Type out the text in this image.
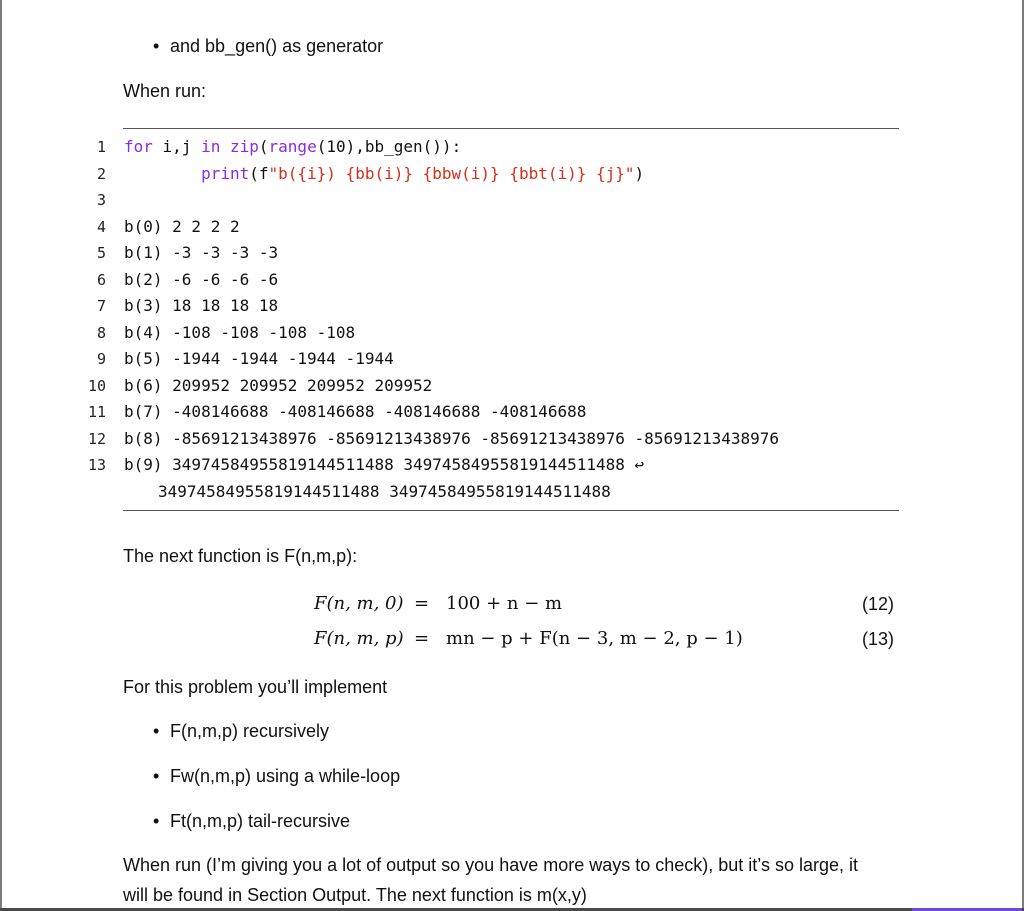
• and bb_gen() as generator
When run:
1
2
3
4
5
6
7
8
9
10
11
12
13
for i,j in zip(range(10),bb_gen()):
print(f"b({i}) {bb(i)} {bbw(i)} {bbt(i)} {j}")
b(0) 2 2 2 2
b(1) -3 -3 -3 -3
b(2) -6 -6 -6 -6
b(3) 18 18 18 18
b(4) -108 -108 -108 -108
b(5) -1944 -1944 -1944 -1944
b(6) 209952 209952 209952 209952
b(7) -408146688 -408146688 -408146688 -408146688
b(8) -85691213438976 -85691213438976 -85691213438976 -85691213438976
b(9) 34974584955819144511488 34974584955819144511488 ↩
34974584955819144511488 34974584955819144511488
The next function is F(n,m,p):
F(n, m, 0) = 100 + n − m	(12)
F(n, m, p) = mn − p + F(n − 3, m − 2, p − 1)	(13)
For this problem you’ll implement
• F(n,m,p) recursively
• Fw(n,m,p) using a while-loop
• Ft(n,m,p) tail-recursive
When run (I’m giving you a lot of output so you have more ways to check), but it’s so large, it
will be found in Section Output. The next function is m(x,y)
